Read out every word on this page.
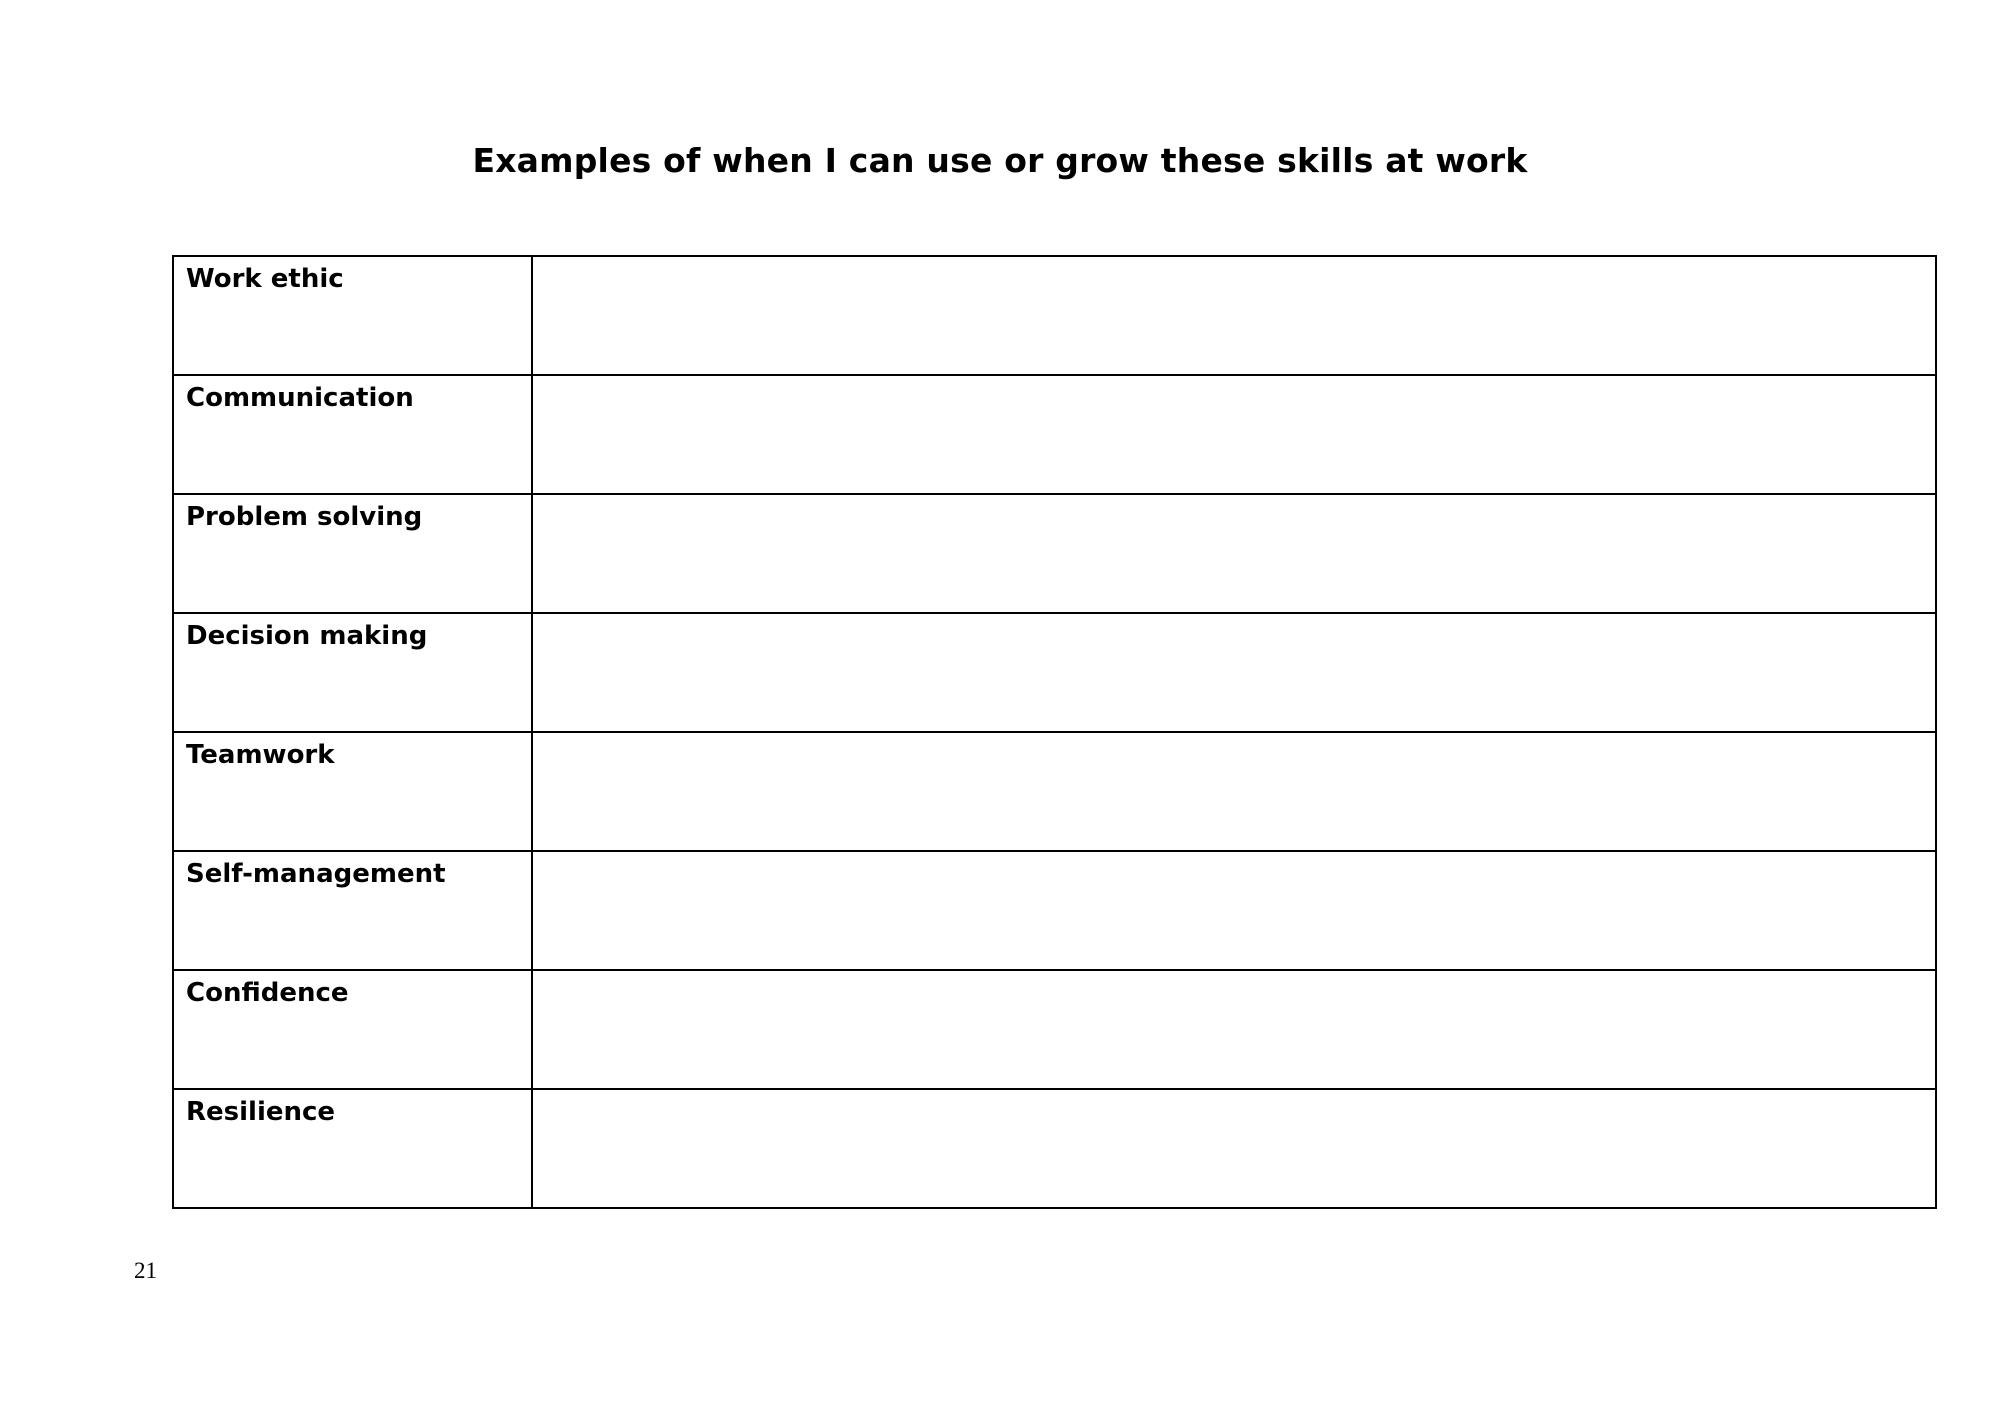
Examples of when I can use or grow these skills at work
Work ethic	
Communication	
Problem solving	
Decision making	
Teamwork	
Self-management	
Confidence	
Resilience	

21
